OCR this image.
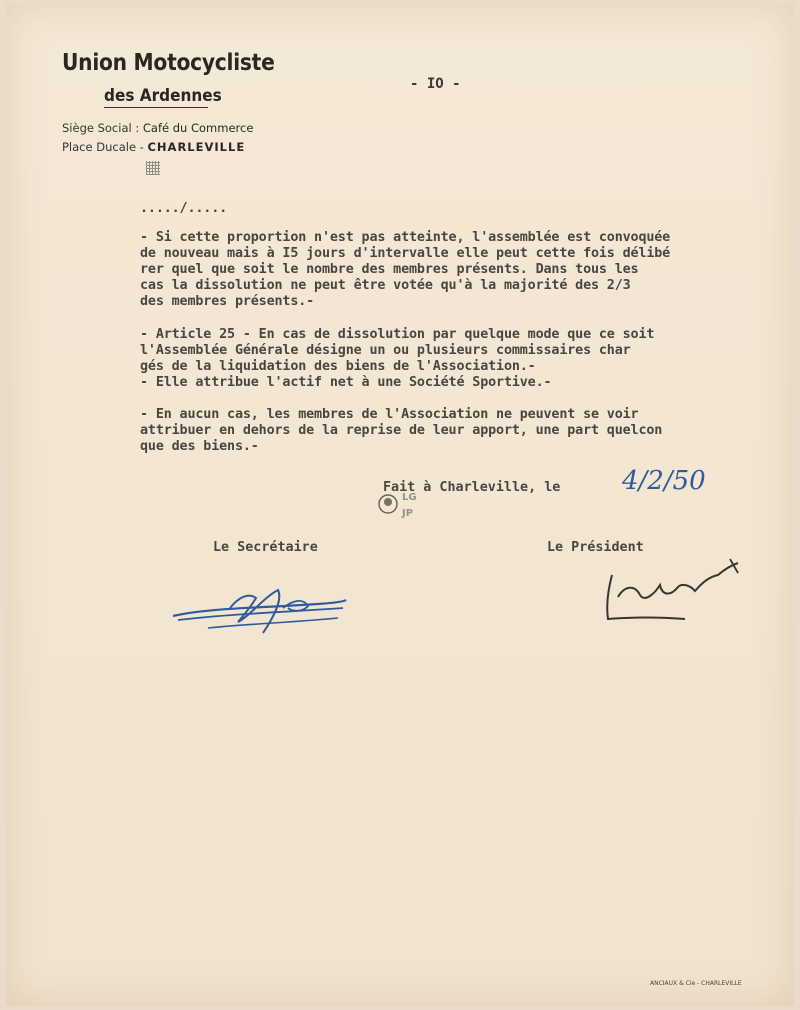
Union Motocycliste
des Ardennes
Siège Social : Café du Commerce
Place Ducale - CHARLEVILLE
- IO -
...../.....
- Si cette proportion n'est pas atteinte, l'assemblée est convoquée
de nouveau mais à I5 jours d'intervalle elle peut cette fois délibé
rer quel que soit le nombre des membres présents. Dans tous les
cas la dissolution ne peut être votée qu'à la majorité des 2/3
des membres présents.-
- Article 25 - En cas de dissolution par quelque mode que ce soit
l'Assemblée Générale désigne un ou plusieurs commissaires char
gés de la liquidation des biens de l'Association.-
- Elle attribue l'actif net à une Société Sportive.-
- En aucun cas, les membres de l'Association ne peuvent se voir
attribuer en dehors de la reprise de leur apport, une part quelcon
que des biens.-
Fait à Charleville, le 4/2/50
LG
JP
Le Secrétaire	Le Président
ANCIAUX & Cie - CHARLEVILLE
